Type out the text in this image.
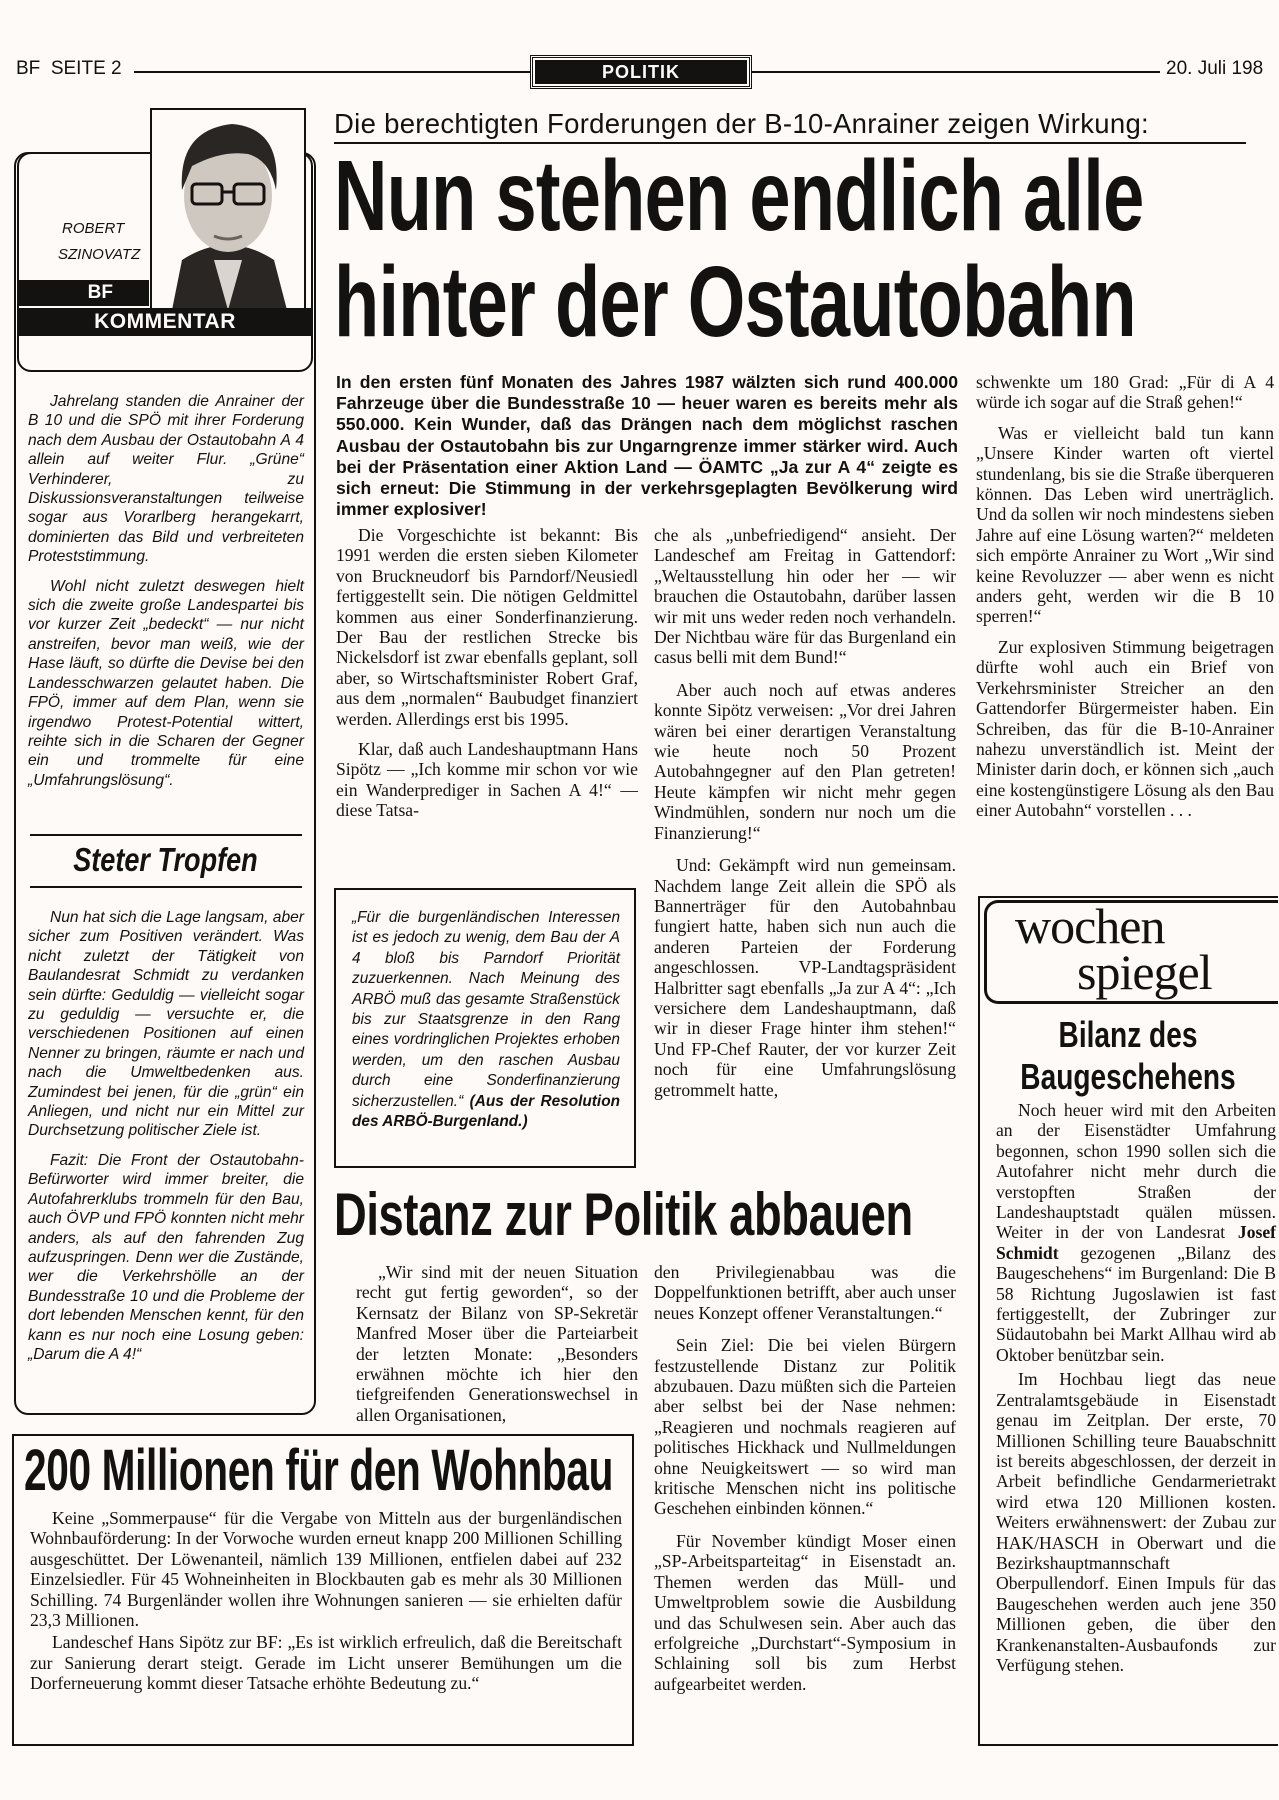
BF  SEITE 2	POLITIK	20. Juli 198
ROBERT
SZINOVATZ
BF
KOMMENTAR

Jahrelang standen die Anrainer der B 10 und die SPÖ mit ihrer Forderung nach dem Ausbau der Ostautobahn A 4 allein auf weiter Flur. „Grüne“ Verhinderer, zu Diskussionsveranstaltungen teilweise sogar aus Vorarlberg herangekarrt, dominierten das Bild und verbreiteten Proteststimmung.

Wohl nicht zuletzt deswegen hielt sich die zweite große Landespartei bis vor kurzer Zeit „bedeckt“ — nur nicht anstreifen, bevor man weiß, wie der Hase läuft, so dürfte die Devise bei den Landesschwarzen gelautet haben. Die FPÖ, immer auf dem Plan, wenn sie irgendwo Protest-Potential wittert, reihte sich in die Scharen der Gegner ein und trommelte für eine „Umfahrungslösung“.

Steter Tropfen

Nun hat sich die Lage langsam, aber sicher zum Positiven verändert. Was nicht zuletzt der Tätigkeit von Baulandesrat Schmidt zu verdanken sein dürfte: Geduldig — vielleicht sogar zu geduldig — versuchte er, die verschiedenen Positionen auf einen Nenner zu bringen, räumte er nach und nach die Umweltbedenken aus. Zumindest bei jenen, für die „grün“ ein Anliegen, und nicht nur ein Mittel zur Durchsetzung politischer Ziele ist.

Fazit: Die Front der Ostautobahn-Befürworter wird immer breiter, die Autofahrerklubs trommeln für den Bau, auch ÖVP und FPÖ konnten nicht mehr anders, als auf den fahrenden Zug aufzuspringen. Denn wer die Zustände, wer die Verkehrshölle an der Bundesstraße 10 und die Probleme der dort lebenden Menschen kennt, für den kann es nur noch eine Losung geben: „Darum die A 4!“

Die berechtigten Forderungen der B-10-Anrainer zeigen Wirkung:
Nun stehen endlich alle
hinter der Ostautobahn
In den ersten fünf Monaten des Jahres 1987 wälzten sich rund 400.000 Fahrzeuge über die Bundesstraße 10 — heuer waren es bereits mehr als 550.000. Kein Wunder, daß das Drängen nach dem möglichst raschen Ausbau der Ostautobahn bis zur Ungarngrenze immer stärker wird. Auch bei der Präsentation einer Aktion Land — ÖAMTC „Ja zur A 4“ zeigte es sich erneut: Die Stimmung in der verkehrsgeplagten Bevölkerung wird immer explosiver!

Die Vorgeschichte ist bekannt: Bis 1991 werden die ersten sieben Kilometer von Bruckneudorf bis Parndorf/Neusiedl fertiggestellt sein. Die nötigen Geldmittel kommen aus einer Sonderfinanzierung. Der Bau der restlichen Strecke bis Nickelsdorf ist zwar ebenfalls geplant, soll aber, so Wirtschaftsminister Robert Graf, aus dem „normalen“ Baubudget finanziert werden. Allerdings erst bis 1995.

Klar, daß auch Landeshauptmann Hans Sipötz — „Ich komme mir schon vor wie ein Wanderprediger in Sachen A 4!“ — diese Tatsa-

„Für die burgenländischen Interessen ist es jedoch zu wenig, dem Bau der A 4 bloß bis Parndorf Priorität zuzuerkennen. Nach Meinung des ARBÖ muß das gesamte Straßenstück bis zur Staatsgrenze in den Rang eines vordringlichen Projektes erhoben werden, um den raschen Ausbau durch eine Sonderfinanzierung sicherzustellen.“ (Aus der Resolution des ARBÖ-Burgenland.)

che als „unbefriedigend“ ansieht. Der Landeschef am Freitag in Gattendorf: „Weltausstellung hin oder her — wir brauchen die Ostautobahn, darüber lassen wir mit uns weder reden noch verhandeln. Der Nichtbau wäre für das Burgenland ein casus belli mit dem Bund!“

Aber auch noch auf etwas anderes konnte Sipötz verweisen: „Vor drei Jahren wären bei einer derartigen Veranstaltung wie heute noch 50 Prozent Autobahngegner auf den Plan getreten! Heute kämpfen wir nicht mehr gegen Windmühlen, sondern nur noch um die Finanzierung!“

Und: Gekämpft wird nun gemeinsam. Nachdem lange Zeit allein die SPÖ als Bannerträger für den Autobahnbau fungiert hatte, haben sich nun auch die anderen Parteien der Forderung angeschlossen. VP-Landtagspräsident Halbritter sagt ebenfalls „Ja zur A 4“: „Ich versichere dem Landeshauptmann, daß wir in dieser Frage hinter ihm stehen!“ Und FP-Chef Rauter, der vor kurzer Zeit noch für eine Umfahrungslösung getrommelt hatte,

schwenkte um 180 Grad: „Für di A 4 würde ich sogar auf die Straß gehen!“

Was er vielleicht bald tun kann „Unsere Kinder warten oft viertel stundenlang, bis sie die Straße überqueren können. Das Leben wird unerträglich. Und da sollen wir noch mindestens sieben Jahre auf eine Lösung warten?“ meldeten sich empörte Anrainer zu Wort „Wir sind keine Revoluzzer — aber wenn es nicht anders geht, werden wir die B 10 sperren!“

Zur explosiven Stimmung beigetragen dürfte wohl auch ein Brief von Verkehrsminister Streicher an den Gattendorfer Bürgermeister haben. Ein Schreiben, das für die B-10-Anrainer nahezu unverständlich ist. Meint der Minister darin doch, er können sich „auch eine kostengünstigere Lösung als den Bau einer Autobahn“ vorstellen . . .

wochen
spiegel
Bilanz des
Baugeschehens

Noch heuer wird mit den Arbeiten an der Eisenstädter Umfahrung begonnen, schon 1990 sollen sich die Autofahrer nicht mehr durch die verstopften Straßen der Landeshauptstadt quälen müssen. Weiter in der von Landesrat Josef Schmidt gezogenen „Bilanz des Baugeschehens“ im Burgenland: Die B 58 Richtung Jugoslawien ist fast fertiggestellt, der Zubringer zur Südautobahn bei Markt Allhau wird ab Oktober benützbar sein.

Im Hochbau liegt das neue Zentralamtsgebäude in Eisenstadt genau im Zeitplan. Der erste, 70 Millionen Schilling teure Bauabschnitt ist bereits abgeschlossen, der derzeit in Arbeit befindliche Gendarmerietrakt wird etwa 120 Millionen kosten. Weiters erwähnenswert: der Zubau zur HAK/HASCH in Oberwart und die Bezirkshauptmannschaft Oberpullendorf. Einen Impuls für das Baugeschehen werden auch jene 350 Millionen geben, die über den Krankenanstalten-Ausbaufonds zur Verfügung stehen.

Distanz zur Politik abbauen

„Wir sind mit der neuen Situation recht gut fertig geworden“, so der Kernsatz der Bilanz von SP-Sekretär Manfred Moser über die Parteiarbeit der letzten Monate: „Besonders erwähnen möchte ich hier den tiefgreifenden Generationswechsel in allen Organisationen,

den Privilegienabbau was die Doppelfunktionen betrifft, aber auch unser neues Konzept offener Veranstaltungen.“

Sein Ziel: Die bei vielen Bürgern festzustellende Distanz zur Politik abzubauen. Dazu müßten sich die Parteien aber selbst bei der Nase nehmen: „Reagieren und nochmals reagieren auf politisches Hickhack und Nullmeldungen ohne Neuigkeitswert — so wird man kritische Menschen nicht ins politische Geschehen einbinden können.“

Für November kündigt Moser einen „SP-Arbeitsparteitag“ in Eisenstadt an. Themen werden das Müll- und Umweltproblem sowie die Ausbildung und das Schulwesen sein. Aber auch das erfolgreiche „Durchstart“-Symposium in Schlaining soll bis zum Herbst aufgearbeitet werden.

200 Millionen für den Wohnbau

Keine „Sommerpause“ für die Vergabe von Mitteln aus der burgenländischen Wohnbauförderung: In der Vorwoche wurden erneut knapp 200 Millionen Schilling ausgeschüttet. Der Löwenanteil, nämlich 139 Millionen, entfielen dabei auf 232 Einzelsiedler. Für 45 Wohneinheiten in Blockbauten gab es mehr als 30 Millionen Schilling. 74 Burgenländer wollen ihre Wohnungen sanieren — sie erhielten dafür 23,3 Millionen.

Landeschef Hans Sipötz zur BF: „Es ist wirklich erfreulich, daß die Bereitschaft zur Sanierung derart steigt. Gerade im Licht unserer Bemühungen um die Dorferneuerung kommt dieser Tatsache erhöhte Bedeutung zu.“
